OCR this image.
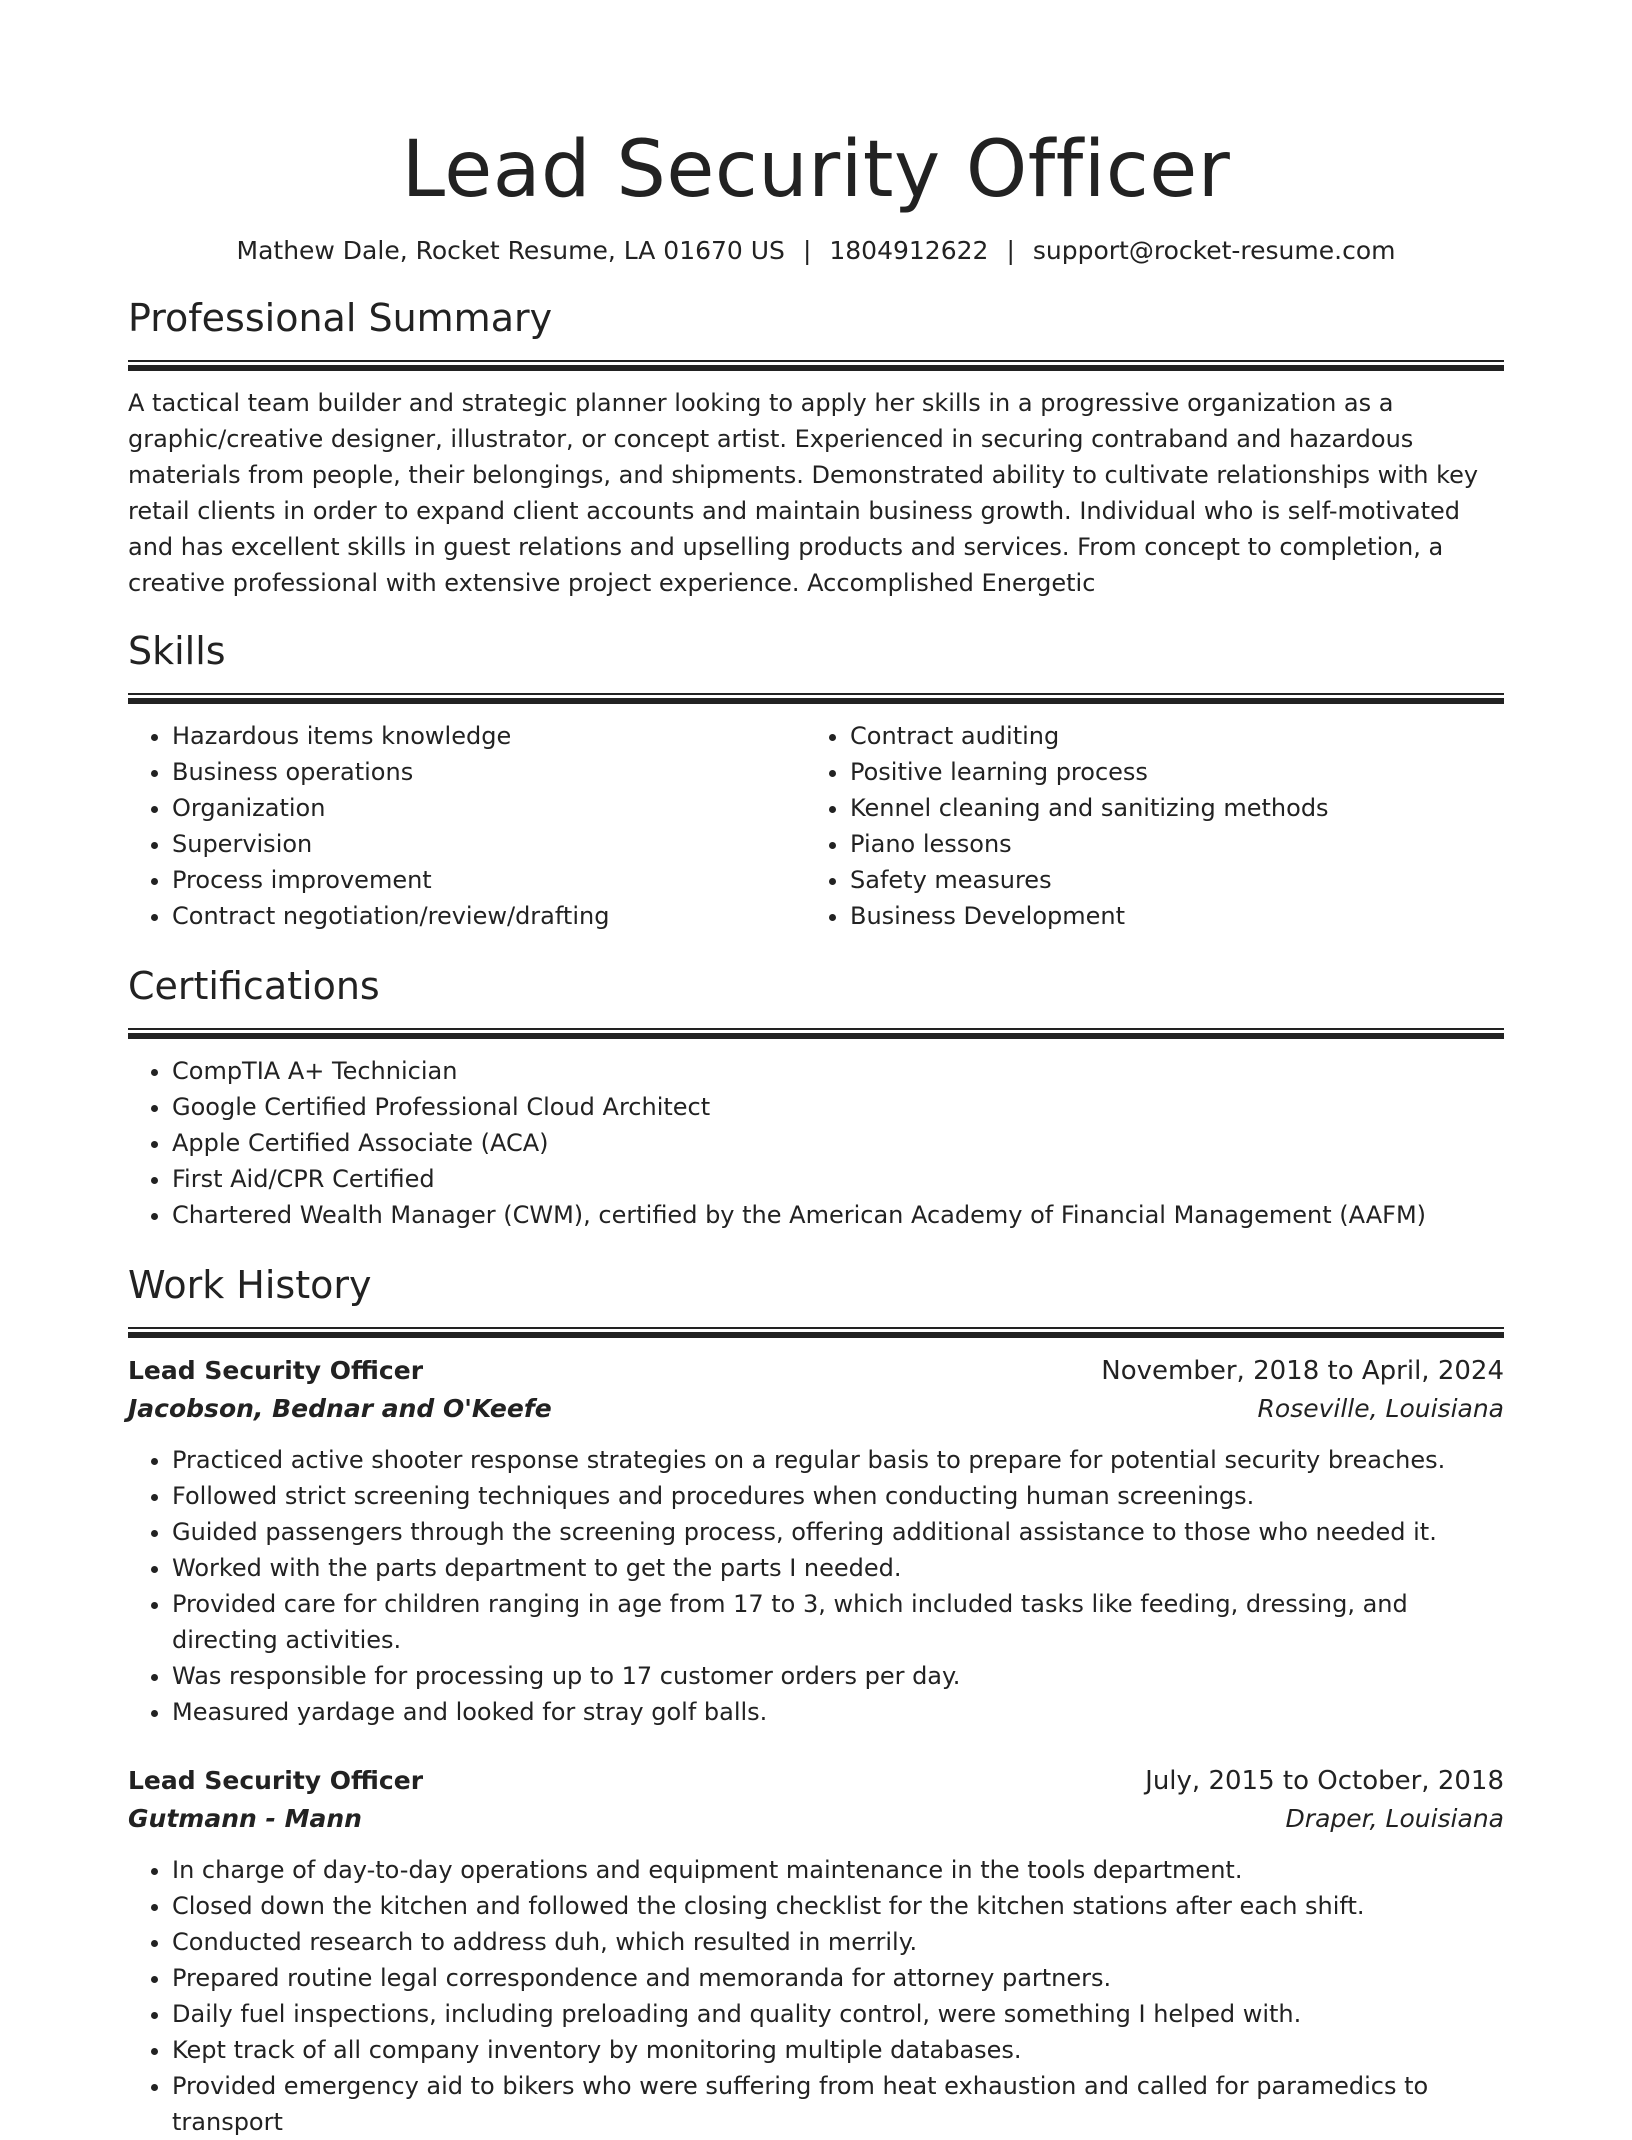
Lead Security Officer
Mathew Dale, Rocket Resume, LA 01670 US | 1804912622 | support@rocket-resume.com
Professional Summary

A tactical team builder and strategic planner looking to apply her skills in a progressive organization as a graphic/creative designer, illustrator, or concept artist. Experienced in securing contraband and hazardous materials from people, their belongings, and shipments. Demonstrated ability to cultivate relationships with key retail clients in order to expand client accounts and maintain business growth. Individual who is self-motivated and has excellent skills in guest relations and upselling products and services. From concept to completion, a creative professional with extensive project experience. Accomplished Energetic

Skills
• Hazardous items knowledge
• Business operations
• Organization
• Supervision
• Process improvement
• Contract negotiation/review/drafting
• Contract auditing
• Positive learning process
• Kennel cleaning and sanitizing methods
• Piano lessons
• Safety measures
• Business Development
Certifications
• CompTIA A+ Technician
• Google Certified Professional Cloud Architect
• Apple Certified Associate (ACA)
• First Aid/CPR Certified
• Chartered Wealth Manager (CWM), certified by the American Academy of Financial Management (AAFM)
Work History
Lead Security Officer	November, 2018 to April, 2024
Jacobson, Bednar and O'Keefe	Roseville, Louisiana
• Practiced active shooter response strategies on a regular basis to prepare for potential security breaches.
• Followed strict screening techniques and procedures when conducting human screenings.
• Guided passengers through the screening process, offering additional assistance to those who needed it.
• Worked with the parts department to get the parts I needed.
• Provided care for children ranging in age from 17 to 3, which included tasks like feeding, dressing, and directing activities.
• Was responsible for processing up to 17 customer orders per day.
• Measured yardage and looked for stray golf balls.
Lead Security Officer	July, 2015 to October, 2018
Gutmann - Mann	Draper, Louisiana
• In charge of day-to-day operations and equipment maintenance in the tools department.
• Closed down the kitchen and followed the closing checklist for the kitchen stations after each shift.
• Conducted research to address duh, which resulted in merrily.
• Prepared routine legal correspondence and memoranda for attorney partners.
• Daily fuel inspections, including preloading and quality control, were something I helped with.
• Kept track of all company inventory by monitoring multiple databases.
• Provided emergency aid to bikers who were suffering from heat exhaustion and called for paramedics to transport
